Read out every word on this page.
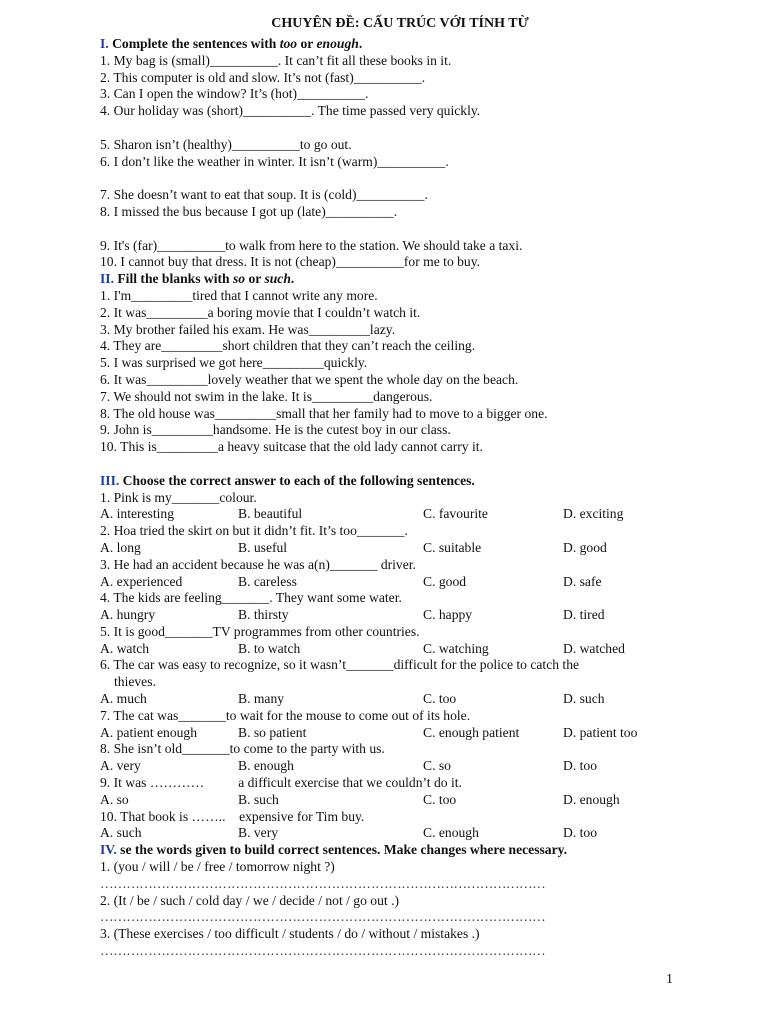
CHUYÊN ĐỀ: CẤU TRÚC VỚI TÍNH TỪ
I. Complete the sentences with too or enough.
1. My bag is (small)__________. It can’t fit all these books in it.
2. This computer is old and slow. It’s not (fast)__________.
3. Can I open the window? It’s (hot)__________.
4. Our holiday was (short)__________. The time passed very quickly.
5. Sharon isn’t (healthy)__________to go out.
6. I don’t like the weather in winter. It isn’t (warm)__________.
7. She doesn’t want to eat that soup. It is (cold)__________.
8. I missed the bus because I got up (late)__________.
9. It's (far)__________to walk from here to the station. We should take a taxi.
10. I cannot buy that dress. It is not (cheap)__________for me to buy.
II. Fill the blanks with so or such.
1. I'm_________tired that I cannot write any more.
2. It was_________a boring movie that I couldn’t watch it.
3. My brother failed his exam. He was_________lazy.
4. They are_________short children that they can’t reach the ceiling.
5. I was surprised we got here_________quickly.
6. It was_________lovely weather that we spent the whole day on the beach.
7. We should not swim in the lake. It is_________dangerous.
8. The old house was_________small that her family had to move to a bigger one.
9. John is_________handsome. He is the cutest boy in our class.
10. This is_________a heavy suitcase that the old lady cannot carry it.
III. Choose the correct answer to each of the following sentences.
1. Pink is my_______colour.
A. interesting	B. beautiful	C. favourite	D. exciting
2. Hoa tried the skirt on but it didn’t fit. It’s too_______.
A. long	B. useful	C. suitable	D. good
3. He had an accident because he was a(n)_______ driver.
A. experienced	B. careless	C. good	D. safe
4. The kids are feeling_______. They want some water.
A. hungry	B. thirsty	C. happy	D. tired
5. It is good_______TV programmes from other countries.
A. watch	B. to watch	C. watching	D. watched
6. The car was easy to recognize, so it wasn’t_______difficult for the police to catch the
thieves.
A. much	B. many	C. too	D. such
7. The cat was_______to wait for the mouse to come out of its hole.
A. patient enough	B. so patient	C. enough patient	D. patient too
8. She isn’t old_______to come to the party with us.
A. very	B. enough	C. so	D. too
9. It was …………          a difficult exercise that we couldn’t do it.
A. so	B. such	C. too	D. enough
10. That book is ……..    expensive for Tim buy.
A. such	B. very	C. enough	D. too
IV. se the words given to build correct sentences. Make changes where necessary.
1. (you / will / be / free / tomorrow night ?)
…………………………………………………………………………………………
2. (It / be / such / cold day / we / decide / not / go out .)
…………………………………………………………………………………………
3. (These exercises / too difficult / students / do / without / mistakes .)
…………………………………………………………………………………………
1
